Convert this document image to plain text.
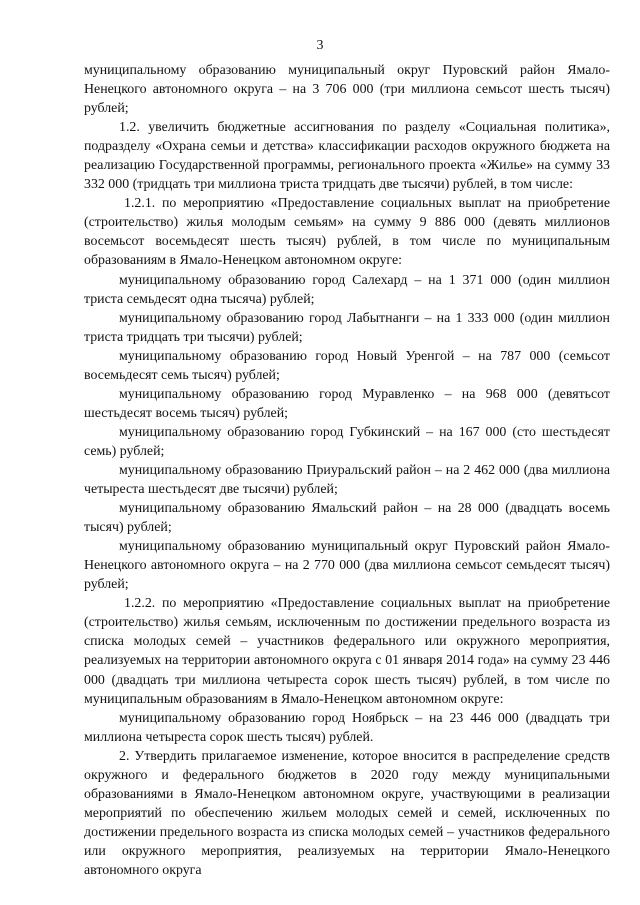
3

муниципальному образованию муниципальный округ Пуровский район Ямало-Ненецкого автономного округа – на 3 706 000 (три миллиона семьсот шесть тысяч) рублей;

1.2. увеличить бюджетные ассигнования по разделу «Социальная политика», подразделу «Охрана семьи и детства» классификации расходов окружного бюджета на реализацию Государственной программы, регионального проекта «Жилье» на сумму 33 332 000 (тридцать три миллиона триста тридцать две тысячи) рублей, в том числе:

1.2.1. по мероприятию «Предоставление социальных выплат на приобретение (строительство) жилья молодым семьям» на сумму 9 886 000 (девять миллионов восемьсот восемьдесят шесть тысяч) рублей, в том числе по муниципальным образованиям в Ямало-Ненецком автономном округе:

муниципальному образованию город Салехард – на 1 371 000 (один миллион триста семьдесят одна тысяча) рублей;

муниципальному образованию город Лабытнанги – на 1 333 000 (один миллион триста тридцать три тысячи) рублей;

муниципальному образованию город Новый Уренгой – на 787 000 (семьсот восемьдесят семь тысяч) рублей;

муниципальному образованию город Муравленко – на 968 000 (девятьсот шестьдесят восемь тысяч) рублей;

муниципальному образованию город Губкинский – на 167 000 (сто шестьдесят семь) рублей;

муниципальному образованию Приуральский район – на 2 462 000 (два миллиона четыреста шестьдесят две тысячи) рублей;

муниципальному образованию Ямальский район – на 28 000 (двадцать восемь тысяч) рублей;

муниципальному образованию муниципальный округ Пуровский район Ямало-Ненецкого автономного округа – на 2 770 000 (два миллиона семьсот семьдесят тысяч) рублей;

1.2.2. по мероприятию «Предоставление социальных выплат на приобретение (строительство) жилья семьям, исключенным по достижении предельного возраста из списка молодых семей – участников федерального или окружного мероприятия, реализуемых на территории автономного округа с 01 января 2014 года» на сумму 23 446 000 (двадцать три миллиона четыреста сорок шесть тысяч) рублей, в том числе по муниципальным образованиям в Ямало-Ненецком автономном округе:

муниципальному образованию город Ноябрьск – на 23 446 000 (двадцать три миллиона четыреста сорок шесть тысяч) рублей.

2. Утвердить прилагаемое изменение, которое вносится в распределение средств окружного и федерального бюджетов в 2020 году между муниципальными образованиями в Ямало-Ненецком автономном округе, участвующими в реализации мероприятий по обеспечению жильем молодых семей и семей, исключенных по достижении предельного возраста из списка молодых семей – участников федерального или окружного мероприятия, реализуемых на территории Ямало-Ненецкого автономного округа
